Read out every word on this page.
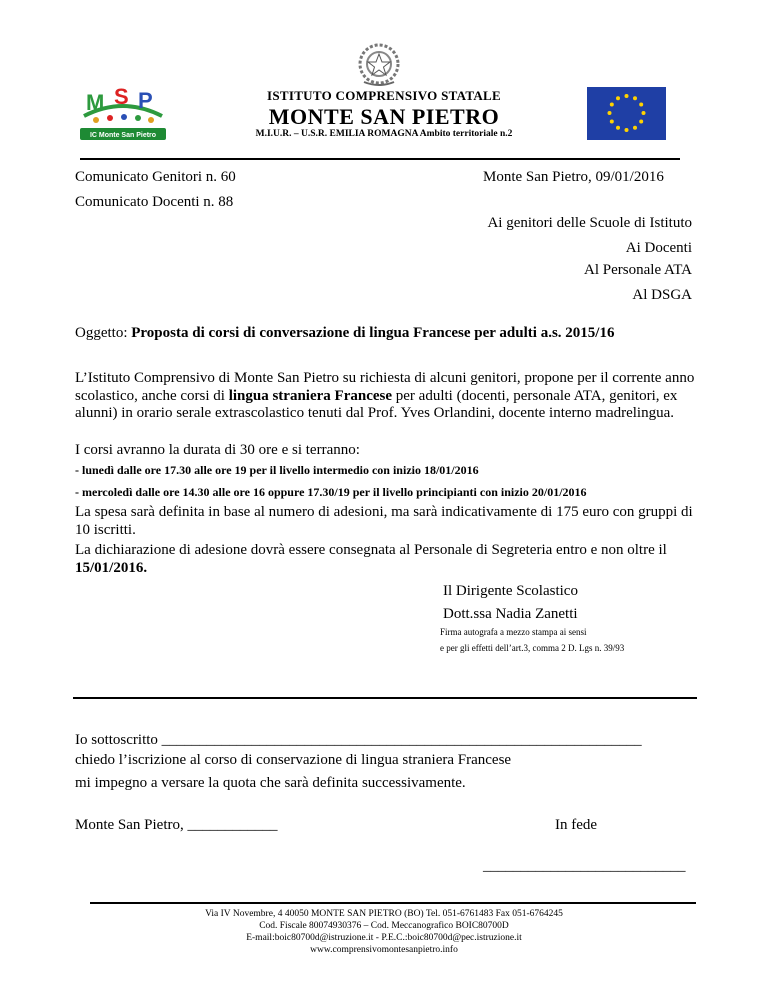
M S P
IC Monte San Pietro
ISTITUTO COMPRENSIVO STATALE
MONTE SAN PIETRO
M.I.U.R. – U.S.R. EMILIA ROMAGNA Ambito territoriale n.2
Comunicato Genitori n. 60	Monte San Pietro, 09/01/2016
Comunicato Docenti n. 88
Ai genitori delle Scuole di Istituto
Ai Docenti
Al Personale ATA
Al DSGA
Oggetto: Proposta di corsi di conversazione di lingua Francese per adulti a.s. 2015/16
L’Istituto Comprensivo di Monte San Pietro su richiesta di alcuni genitori, propone per il corrente anno scolastico, anche corsi di lingua straniera Francese per adulti (docenti, personale ATA, genitori, ex alunni) in orario serale extrascolastico tenuti dal Prof. Yves Orlandini, docente interno madrelingua.
I corsi avranno la durata di 30 ore e si terranno:
- lunedì dalle ore 17.30 alle ore 19 per il livello intermedio con inizio 18/01/2016
- mercoledì dalle ore 14.30 alle ore 16 oppure 17.30/19 per il livello principianti con inizio 20/01/2016
La spesa sarà definita in base al numero di adesioni, ma sarà indicativamente di 175 euro con gruppi di 10 iscritti.
La dichiarazione di adesione dovrà essere consegnata al Personale di Segreteria entro e non oltre il 15/01/2016.
Il Dirigente Scolastico
Dott.ssa Nadia Zanetti
Firma autografa a mezzo stampa ai sensi
e per gli effetti dell’art.3, comma 2 D. Lgs n. 39/93
Io sottoscritto ________________________________________________________________
chiedo l’iscrizione al corso di conservazione di lingua straniera Francese
mi impegno a versare la quota che sarà definita successivamente.
Monte San Pietro, ____________	In fede
___________________________
Via IV Novembre, 4 40050 MONTE SAN PIETRO (BO) Tel. 051-6761483 Fax 051-6764245
Cod. Fiscale 80074930376 – Cod. Meccanografico BOIC80700D
E-mail:boic80700d@istruzione.it - P.E.C.:boic80700d@pec.istruzione.it
www.comprensivomontesanpietro.info
